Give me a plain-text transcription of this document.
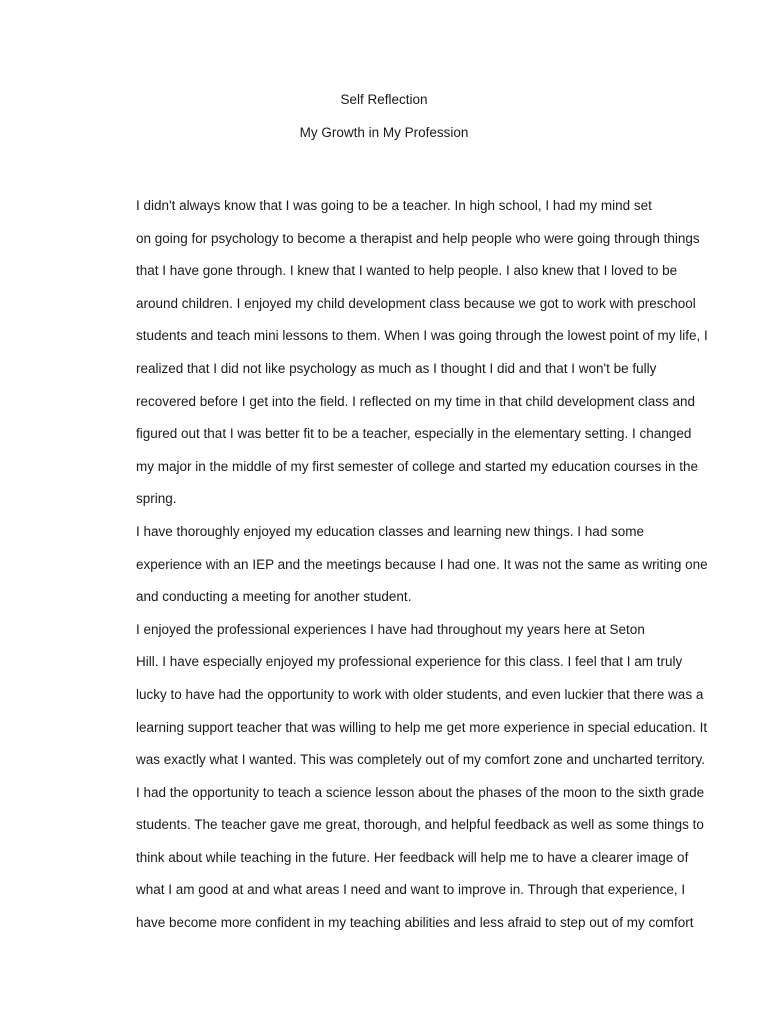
Self Reflection

My Growth in My Profession

I didn't always know that I was going to be a teacher. In high school, I had my mind set
on going for psychology to become a therapist and help people who were going through things
that I have gone through. I knew that I wanted to help people. I also knew that I loved to be
around children. I enjoyed my child development class because we got to work with preschool
students and teach mini lessons to them. When I was going through the lowest point of my life, I
realized that I did not like psychology as much as I thought I did and that I won't be fully
recovered before I get into the field. I reflected on my time in that child development class and
figured out that I was better fit to be a teacher, especially in the elementary setting. I changed
my major in the middle of my first semester of college and started my education courses in the
spring.

I have thoroughly enjoyed my education classes and learning new things. I had some
experience with an IEP and the meetings because I had one. It was not the same as writing one
and conducting a meeting for another student.

I enjoyed the professional experiences I have had throughout my years here at Seton
Hill. I have especially enjoyed my professional experience for this class. I feel that I am truly
lucky to have had the opportunity to work with older students, and even luckier that there was a
learning support teacher that was willing to help me get more experience in special education. It
was exactly what I wanted. This was completely out of my comfort zone and uncharted territory.
I had the opportunity to teach a science lesson about the phases of the moon to the sixth grade
students. The teacher gave me great, thorough, and helpful feedback as well as some things to
think about while teaching in the future. Her feedback will help me to have a clearer image of
what I am good at and what areas I need and want to improve in. Through that experience, I
have become more confident in my teaching abilities and less afraid to step out of my comfort
